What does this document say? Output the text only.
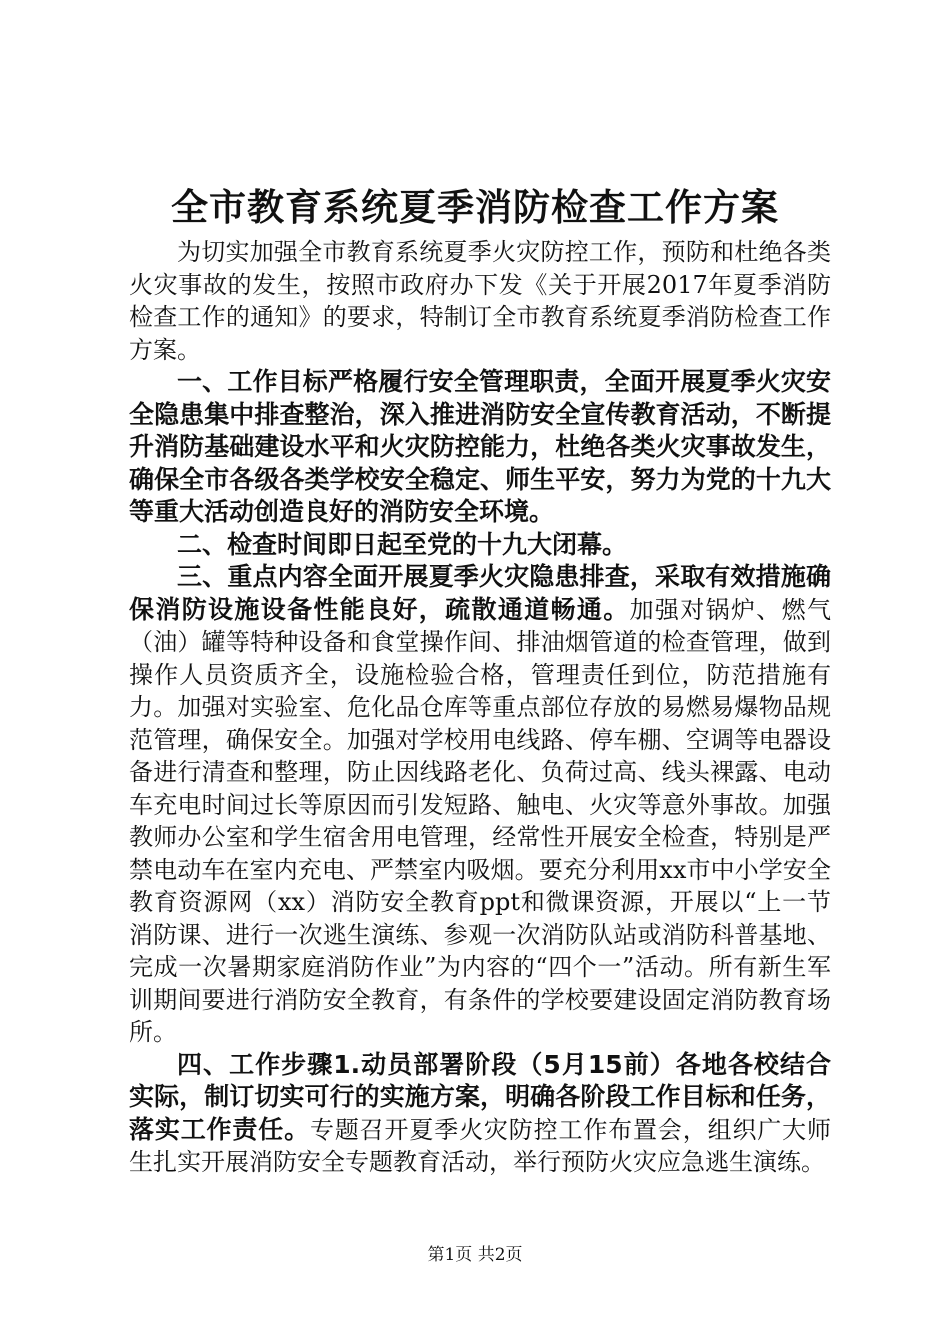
全市教育系统夏季消防检查工作方案

为切实加强全市教育系统夏季火灾防控工作，预防和杜绝各类火灾事故的发生，按照市政府办下发《关于开展2017年夏季消防检查工作的通知》的要求，特制订全市教育系统夏季消防检查工作方案。

一、工作目标严格履行安全管理职责，全面开展夏季火灾安全隐患集中排查整治，深入推进消防安全宣传教育活动，不断提升消防基础建设水平和火灾防控能力，杜绝各类火灾事故发生，确保全市各级各类学校安全稳定、师生平安，努力为党的十九大等重大活动创造良好的消防安全环境。

二、检查时间即日起至党的十九大闭幕。

三、重点内容全面开展夏季火灾隐患排查，采取有效措施确保消防设施设备性能良好，疏散通道畅通。加强对锅炉、燃气（油）罐等特种设备和食堂操作间、排油烟管道的检查管理，做到操作人员资质齐全，设施检验合格，管理责任到位，防范措施有力。加强对实验室、危化品仓库等重点部位存放的易燃易爆物品规范管理，确保安全。加强对学校用电线路、停车棚、空调等电器设备进行清查和整理，防止因线路老化、负荷过高、线头裸露、电动车充电时间过长等原因而引发短路、触电、火灾等意外事故。加强教师办公室和学生宿舍用电管理，经常性开展安全检查，特别是严禁电动车在室内充电、严禁室内吸烟。要充分利用xx市中小学安全教育资源网（xx）消防安全教育ppt和微课资源，开展以“上一节消防课、进行一次逃生演练、参观一次消防队站或消防科普基地、完成一次暑期家庭消防作业”为内容的“四个一”活动。所有新生军训期间要进行消防安全教育，有条件的学校要建设固定消防教育场所。

四、工作步骤1.动员部署阶段（5月15前）各地各校结合实际，制订切实可行的实施方案，明确各阶段工作目标和任务，落实工作责任。专题召开夏季火灾防控工作布置会，组织广大师生扎实开展消防安全专题教育活动，举行预防火灾应急逃生演练。

第1页 共2页
